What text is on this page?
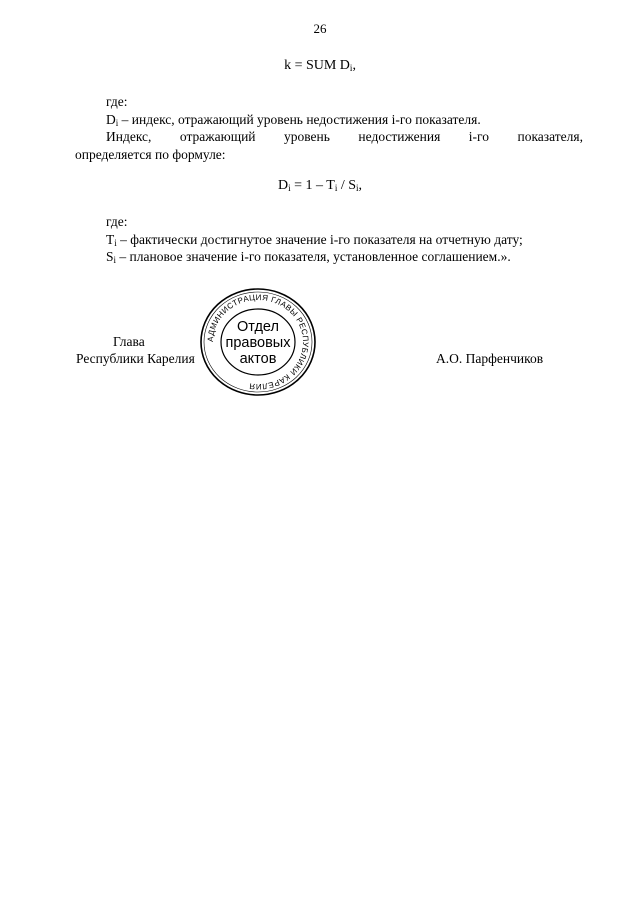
26
k = SUM $D_i$,
где:
$D_i$ – индекс, отражающий уровень недостижения i-го показателя.
Индекс, отражающий уровень недостижения i-го показателя,
определяется по формуле:
$D_i = 1 - T_i / S_i$,
где:
$T_i$ – фактически достигнутое значение i-го показателя на отчетную дату;
$S_i$ – плановое значение i-го показателя, установленное соглашением.».
Глава
Республики Карелия	А.О. Парфенчиков
АДМИНИСТРАЦИЯ ГЛАВЫ РЕСПУБЛИКИ КАРЕЛИЯ
Отдел
правовых
актов
